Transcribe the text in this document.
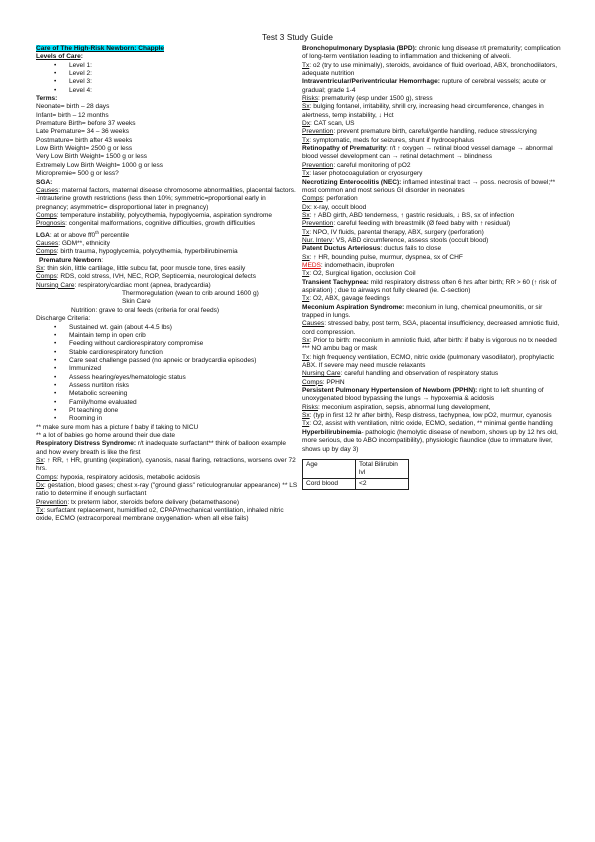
Test 3 Study Guide

Care of The High-Risk Newborn: Chapple

Levels of Care:

• Level 1:
• Level 2:
• Level 3:
• Level 4:

Terms:

Neonate= birth – 28 days

Infant= birth – 12 months

Premature Birth= before 37 weeks

Late Premature= 34 – 36 weeks

Postmature= birth after 43 weeks

Low Birth Weight= 2500 g or less

Very Low Birth Weight= 1500 g or less

Extremely Low Birth Weight= 1000 g or less

Micropremie= 500 g or less?

SGA:

Causes: maternal factors, maternal disease chromosome abnormalities, placental factors.

-intrauterine growth restrictions (less then 10%; symmetric=proportional early in pregnancy; asymmetric= disproportional later in pregnancy)

Comps: temperature instability, polycythemia, hypoglycemia, aspiration syndrome

Prognosis: congenital malformations, cognitive difficulties, growth difficulties

LGA: at or above ff0th percentile

Causes: GDM**, ethnicity

Comps: birth trauma, hypoglycemia, polycythemia, hyperbilirubinemia

Premature Newborn:

Sx: thin skin, little cartilage, little subcu fat, poor muscle tone, tires easily

Comps: RDS, cold stress, IVH, NEC, ROP, Septicemia, neurological defects

Nursing Care: respiratory/cardiac mont (apnea, bradycardia)

Thermoregulation (wean to crib around 1600 g)

Skin Care

Nutrition: grave to oral feeds (criteria for oral feeds)

Discharge Criteria:

• Sustained wt. gain (about 4-4.5 lbs)
• Maintain temp in open crib
• Feeding without cardiorespiratory compromise
• Stable cardiorespiratory function
• Care seat challenge passed (no apneic or bradycardia episodes)
• Immunized
• Assess hearing/eyes/hematologic status
• Assess nurtiton risks
• Metabolic screening
• Family/home evaluated
• Pt teaching done
• Rooming in

** make sure mom has a picture f baby if taking to NICU

** a lot of babies go home around their due date

Respiratory Distress Syndrome: r/t inadequate surfactant** think of balloon example and how every breath is like the first

Sx: ↑ RR, ↑ HR, grunting (expiration), cyanosis, nasal flaring, retractions, worsens over 72 hrs.

Comps: hypoxia, respiratory acidosis, metabolic acidosis

Dx: gestation, blood gases; chest x-ray ("ground glass" reticulogranular appearance) ** LS ratio to determine if enough surfactant

Prevention: tx preterm labor, steroids before delivery (betamethasone)

Tx: surfactant replacement, humidified o2, CPAP/mechanical ventilation, inhaled nitric oxide, ECMO (extracorporeal membrane oxygenation- when all else fails)

Bronchopulmonary Dysplasia (BPD): chronic lung disease r/t prematurity; complication of long-term ventilation leading to inflammation and thickening of alveoli.

Tx: o2 (try to use minimally), steroids, avoidance of fluid overload, ABX, bronchodilators, adequate nutrition

Intraventricular/Periventricular Hemorrhage: rupture of cerebral vessels; acute or gradual; grade 1-4

Risks: prematurity (esp under 1500 g), stress

Sx: bulging fontanel, irritability, shrill cry, increasing head circumference, changes in alertness, temp instability, ↓ Hct

Dx: CAT scan, US

Prevention: prevent premature birth, careful/gentle handling, reduce stress/crying

Tx: symptomatic, meds for seizures, shunt if hydrocephalus

Retinopathy of Prematurity: r/t ↑ oxygen → retinal blood vessel damage → abnormal blood vessel development can → retinal detachment → blindness

Prevention: careful monitoring of pO2

Tx: laser photocoagulation or cryosurgery

Necrotizing Enterocolitis (NEC): inflamed intestinal tract → poss. necrosis of bowel;** most common and most serious GI disorder in neonates

Comps: perforation

Dx: x-ray, occult blood

Sx: ↑ ABD girth, ABD tenderness, ↑ gastric residuals, ↓ BS, sx of infection

Prevention: careful feeding with breastmilk (Ø feed baby with ↑ residual)

Tx: NPO, IV fluids, parental therapy, ABX, surgery (perforation)

Nur. Interv: VS, ABD circumference, assess stools (occult blood)

Patent Ductus Arteriosus: ductus fails to close

Sx: ↑ HR, bounding pulse, murmur, dyspnea, sx of CHF

MEDS: indomethacin, ibuprofen

Tx: O2, Surgical ligation, occlusion Coil

Transient Tachypnea: mild respiratory distress often 6 hrs after birth; RR > 60 (↑ risk of aspiration) ; due to airways not fully cleared (ie. C-section)

Tx: O2, ABX, gavage feedings

Meconium Aspiration Syndrome: meconium in lung, chemical pneumonitis, or sir trapped in lungs.

Causes: stressed baby, post term, SGA, placental insufficiency, decreased amniotic fluid, cord compression.

Sx: Prior to birth: meconium in amniotic fluid, after birth: if baby is vigorous no tx needed

*** NO ambu bag or mask

Tx: high frequency ventilation, ECMO, nitric oxide (pulmonary vasodilator), prophylactic ABX. If severe may need muscle relaxants

Nursing Care: careful handling and observation of respiratory status

Comps: PPHN

Persistent Pulmonary Hypertension of Newborn (PPHN): right to left shunting of unoxygenated blood bypassing the lungs → hypoxemia & acidosis

Risks: meconium aspiration, sepsis, abnormal lung development,

Sx: (typ in first 12 hr after birth), Resp distress, tachypnea, low pO2, murmur, cyanosis

Tx: O2, assist with ventilation, nitric oxide, ECMO, sedation, ** minimal gentle handling

Hyperbilirubinemia- pathologic (hemolytic disease of newborn, shows up by 12 hrs old, more serious, due to ABO incompatibility), physiologic fiaundice (due to immature liver, shows up by day 3)

Age	Total Bilirubin lvl
Cord blood	<2
